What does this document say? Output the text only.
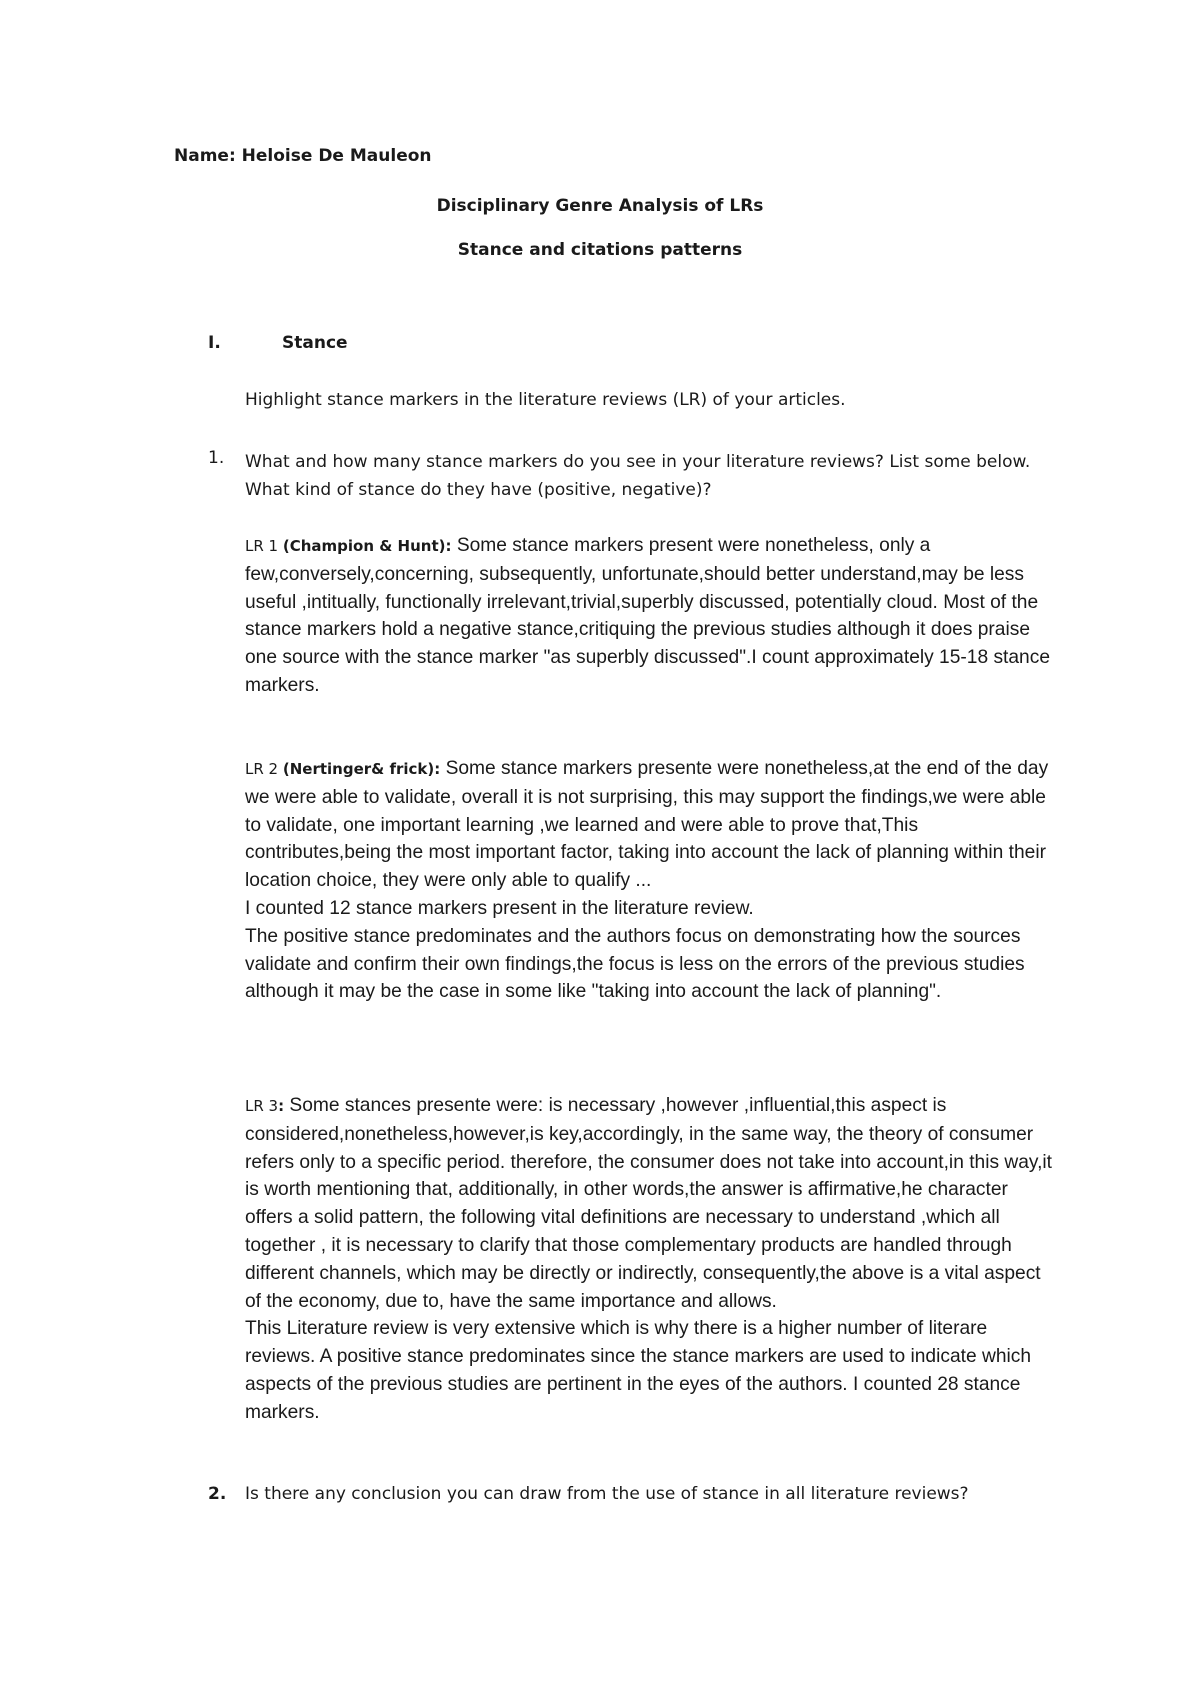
Name: Heloise De Mauleon
Disciplinary Genre Analysis of LRs
Stance and citations patterns
I.	Stance
Highlight stance markers in the literature reviews (LR) of your articles.
1. What and how many stance markers do you see in your literature reviews? List some below. What kind of stance do they have (positive, negative)?

LR 1 (Champion & Hunt): Some stance markers present were nonetheless, only a few,conversely,concerning, subsequently, unfortunate,should better understand,may be less useful ,intitually, functionally irrelevant,trivial,superbly discussed, potentially cloud. Most of the stance markers hold a negative stance,critiquing the previous studies although it does praise one source with the stance marker "as superbly discussed".I count approximately 15-18 stance markers.

LR 2 (Nertinger& frick): Some stance markers presente were nonetheless,at the end of the day we were able to validate, overall it is not surprising, this may support the findings,we were able to validate, one important learning ,we learned and were able to prove that,This contributes,being the most important factor, taking into account the lack of planning within their location choice, they were only able to qualify ...

I counted 12 stance markers present in the literature review.

The positive stance predominates and the authors focus on demonstrating how the sources validate and confirm their own findings,the focus is less on the errors of the previous studies although it may be the case in some like "taking into account the lack of planning".

LR 3: Some stances presente were: is necessary ,however ,influential,this aspect is considered,nonetheless,however,is key,accordingly, in the same way, the theory of consumer refers only to a specific period. therefore, the consumer does not take into account,in this way,it is worth mentioning that, additionally, in other words,the answer is affirmative,he character offers a solid pattern, the following vital definitions are necessary to understand ,which all together , it is necessary to clarify that those complementary products are handled through different channels, which may be directly or indirectly, consequently,the above is a vital aspect of the economy, due to, have the same importance and allows.

This Literature review is very extensive which is why there is a higher number of literare reviews. A positive stance predominates since the stance markers are used to indicate which aspects of the previous studies are pertinent in the eyes of the authors. I counted 28 stance markers.

2. Is there any conclusion you can draw from the use of stance in all literature reviews?
